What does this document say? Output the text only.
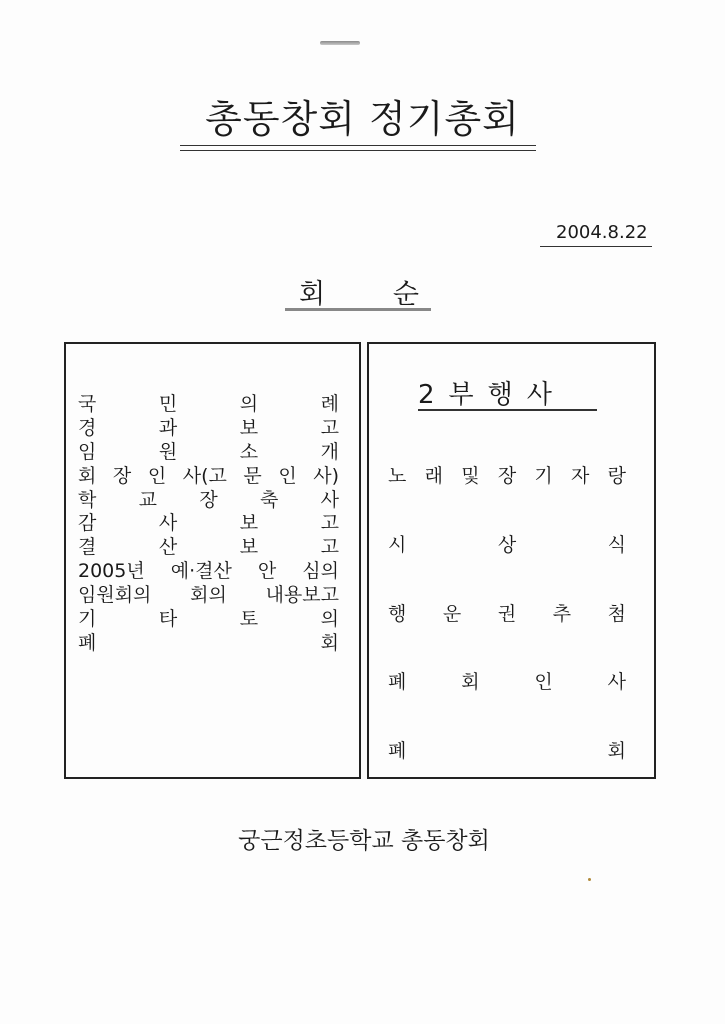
총동창회 정기총회
2004.8.22
회	순
국 민 의 례
경 과 보 고
임 원 소 개
회 장 인 사(고 문 인 사)
학 교 장 축 사
감 사 보 고
결 산 보 고
2005년 예·결산 안 심의
임원회의 회의 내용보고
기 타 토 의
폐 회
2부행사
노 래 및 장 기 자 랑
시 상 식
행 운 권 추 첨
폐 회 인 사
폐 회
궁근정초등학교 총동창회
